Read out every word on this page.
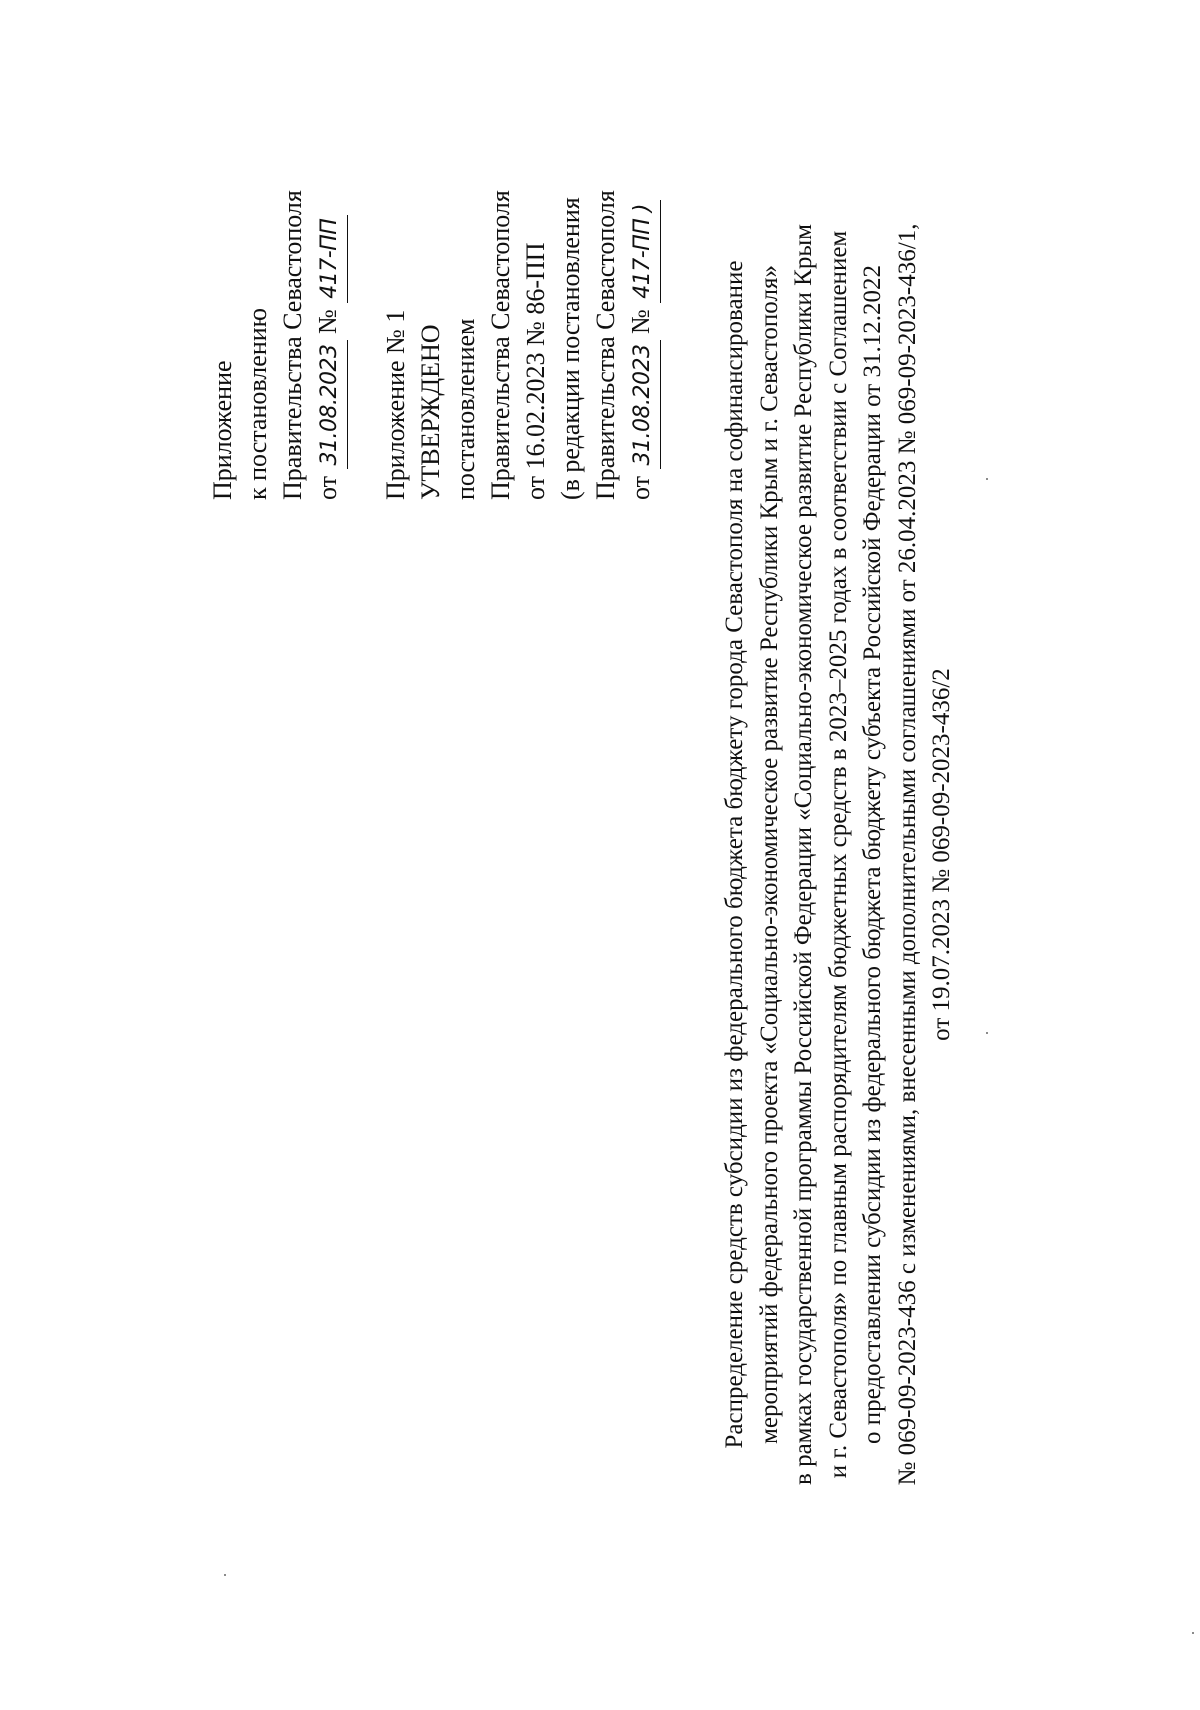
Приложение к постановлению Правительства Севастополя от 31.08.2023 № 417-ПП
Приложение № 1 УТВЕРЖДЕНО постановлением Правительства Севастополя от 16.02.2023 № 86-ПП (в редакции постановления Правительства Севастополя от 31.08.2023 № 417-ПП )
Распределение средств субсидии из федерального бюджета бюджету города Севастополя на софинансирование мероприятий федерального проекта «Социально-экономическое развитие Республики Крым и г. Севастополя» в рамках государственной программы Российской Федерации «Социально-экономическое развитие Республики Крым и г. Севастополя» по главным распорядителям бюджетных средств в 2023–2025 годах в соответствии с Соглашением о предоставлении субсидии из федерального бюджета бюджету субъекта Российской Федерации от 31.12.2022 № 069-09-2023-436 с изменениями, внесенными дополнительными соглашениями от 26.04.2023 № 069-09-2023-436/1, от 19.07.2023 № 069-09-2023-436/2
